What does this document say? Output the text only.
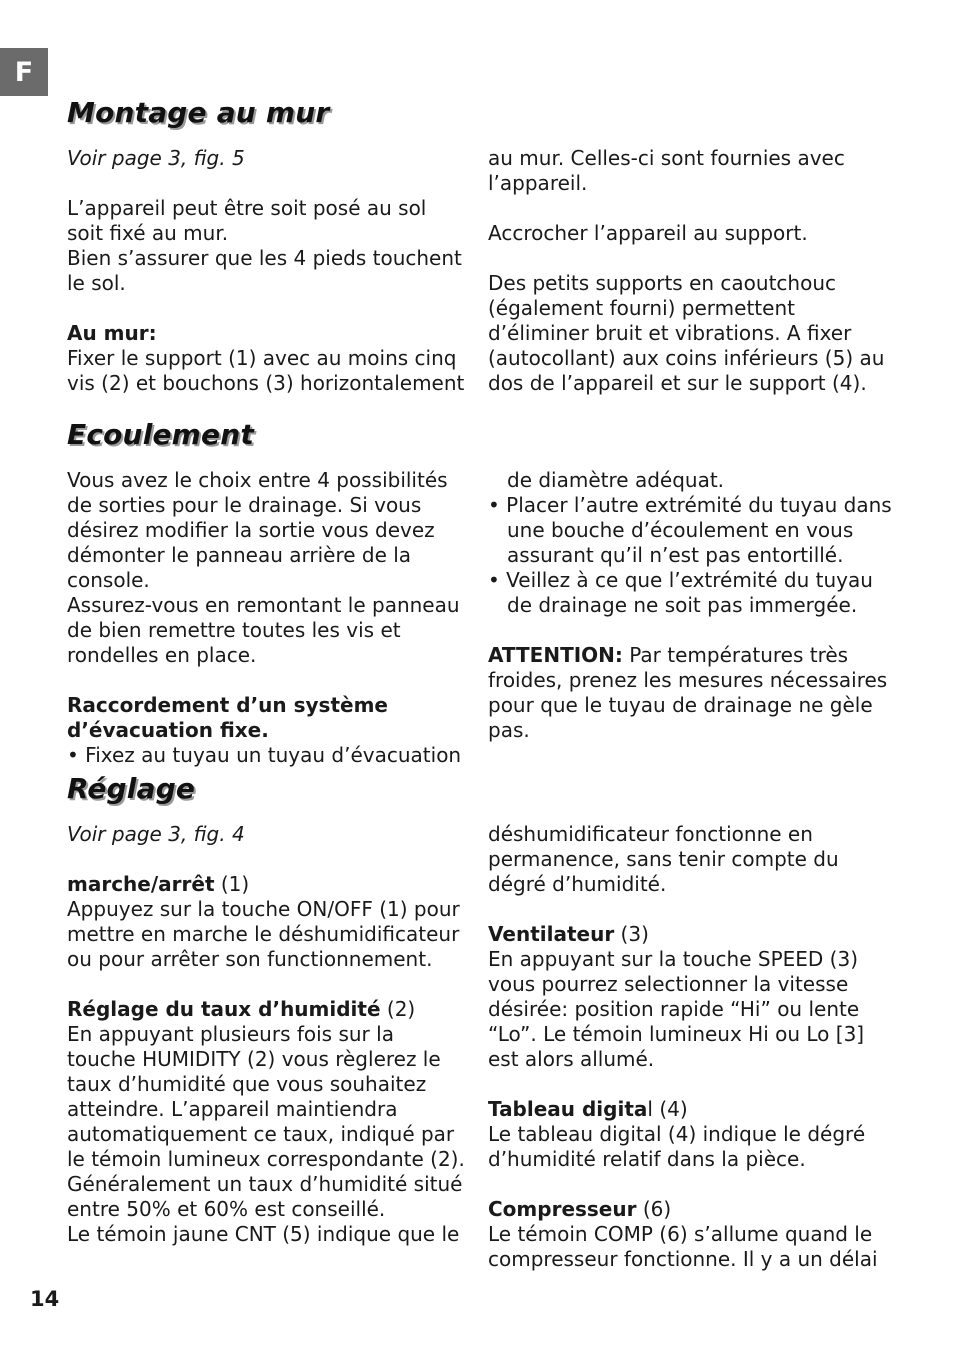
F
Montage au mur

Voir page 3, fig. 5

L’appareil peut être soit posé au sol soit fixé au mur.

Bien s’assurer que les 4 pieds touchent le sol.

Au mur:

Fixer le support (1) avec au moins cinq vis (2) et bouchons (3) horizontalement

au mur. Celles-ci sont fournies avec l’appareil.

Accrocher l’appareil au support.

Des petits supports en caoutchouc (également fourni) permettent d’éliminer bruit et vibrations. A fixer (autocollant) aux coins inférieurs (5) au dos de l’appareil et sur le support (4).

Ecoulement

Vous avez le choix entre 4 possibilités de sorties pour le drainage. Si vous désirez modifier la sortie vous devez démonter le panneau arrière de la console.

Assurez-vous en remontant le panneau de bien remettre toutes les vis et rondelles en place.

Raccordement d’un système d’évacuation fixe.

• Fixez au tuyau un tuyau d’évacuation

de diamètre adéquat.

• Placer l’autre extrémité du tuyau dans une bouche d’écoulement en vous assurant qu’il n’est pas entortillé.

• Veillez à ce que l’extrémité du tuyau de drainage ne soit pas immergée.

ATTENTION: Par températures très froides, prenez les mesures nécessaires pour que le tuyau de drainage ne gèle pas.

Réglage

Voir page 3, fig. 4

marche/arrêt (1)

Appuyez sur la touche ON/OFF (1) pour mettre en marche le déshumidificateur ou pour arrêter son functionnement.

Réglage du taux d’humidité (2)

En appuyant plusieurs fois sur la touche HUMIDITY (2) vous règlerez le taux d’humidité que vous souhaitez atteindre. L’appareil maintiendra automatiquement ce taux, indiqué par le témoin lumineux correspondante (2). Généralement un taux d’humidité situé entre 50% et 60% est conseillé.

Le témoin jaune CNT (5) indique que le

déshumidificateur fonctionne en permanence, sans tenir compte du dégré d’humidité.

Ventilateur (3)

En appuyant sur la touche SPEED (3) vous pourrez selectionner la vitesse désirée: position rapide “Hi” ou lente “Lo”. Le témoin lumineux Hi ou Lo [3] est alors allumé.

Tableau digital (4)

Le tableau digital (4) indique le dégré d’humidité relatif dans la pièce.

Compresseur (6)

Le témoin COMP (6) s’allume quand le compresseur fonctionne. Il y a un délai

14
